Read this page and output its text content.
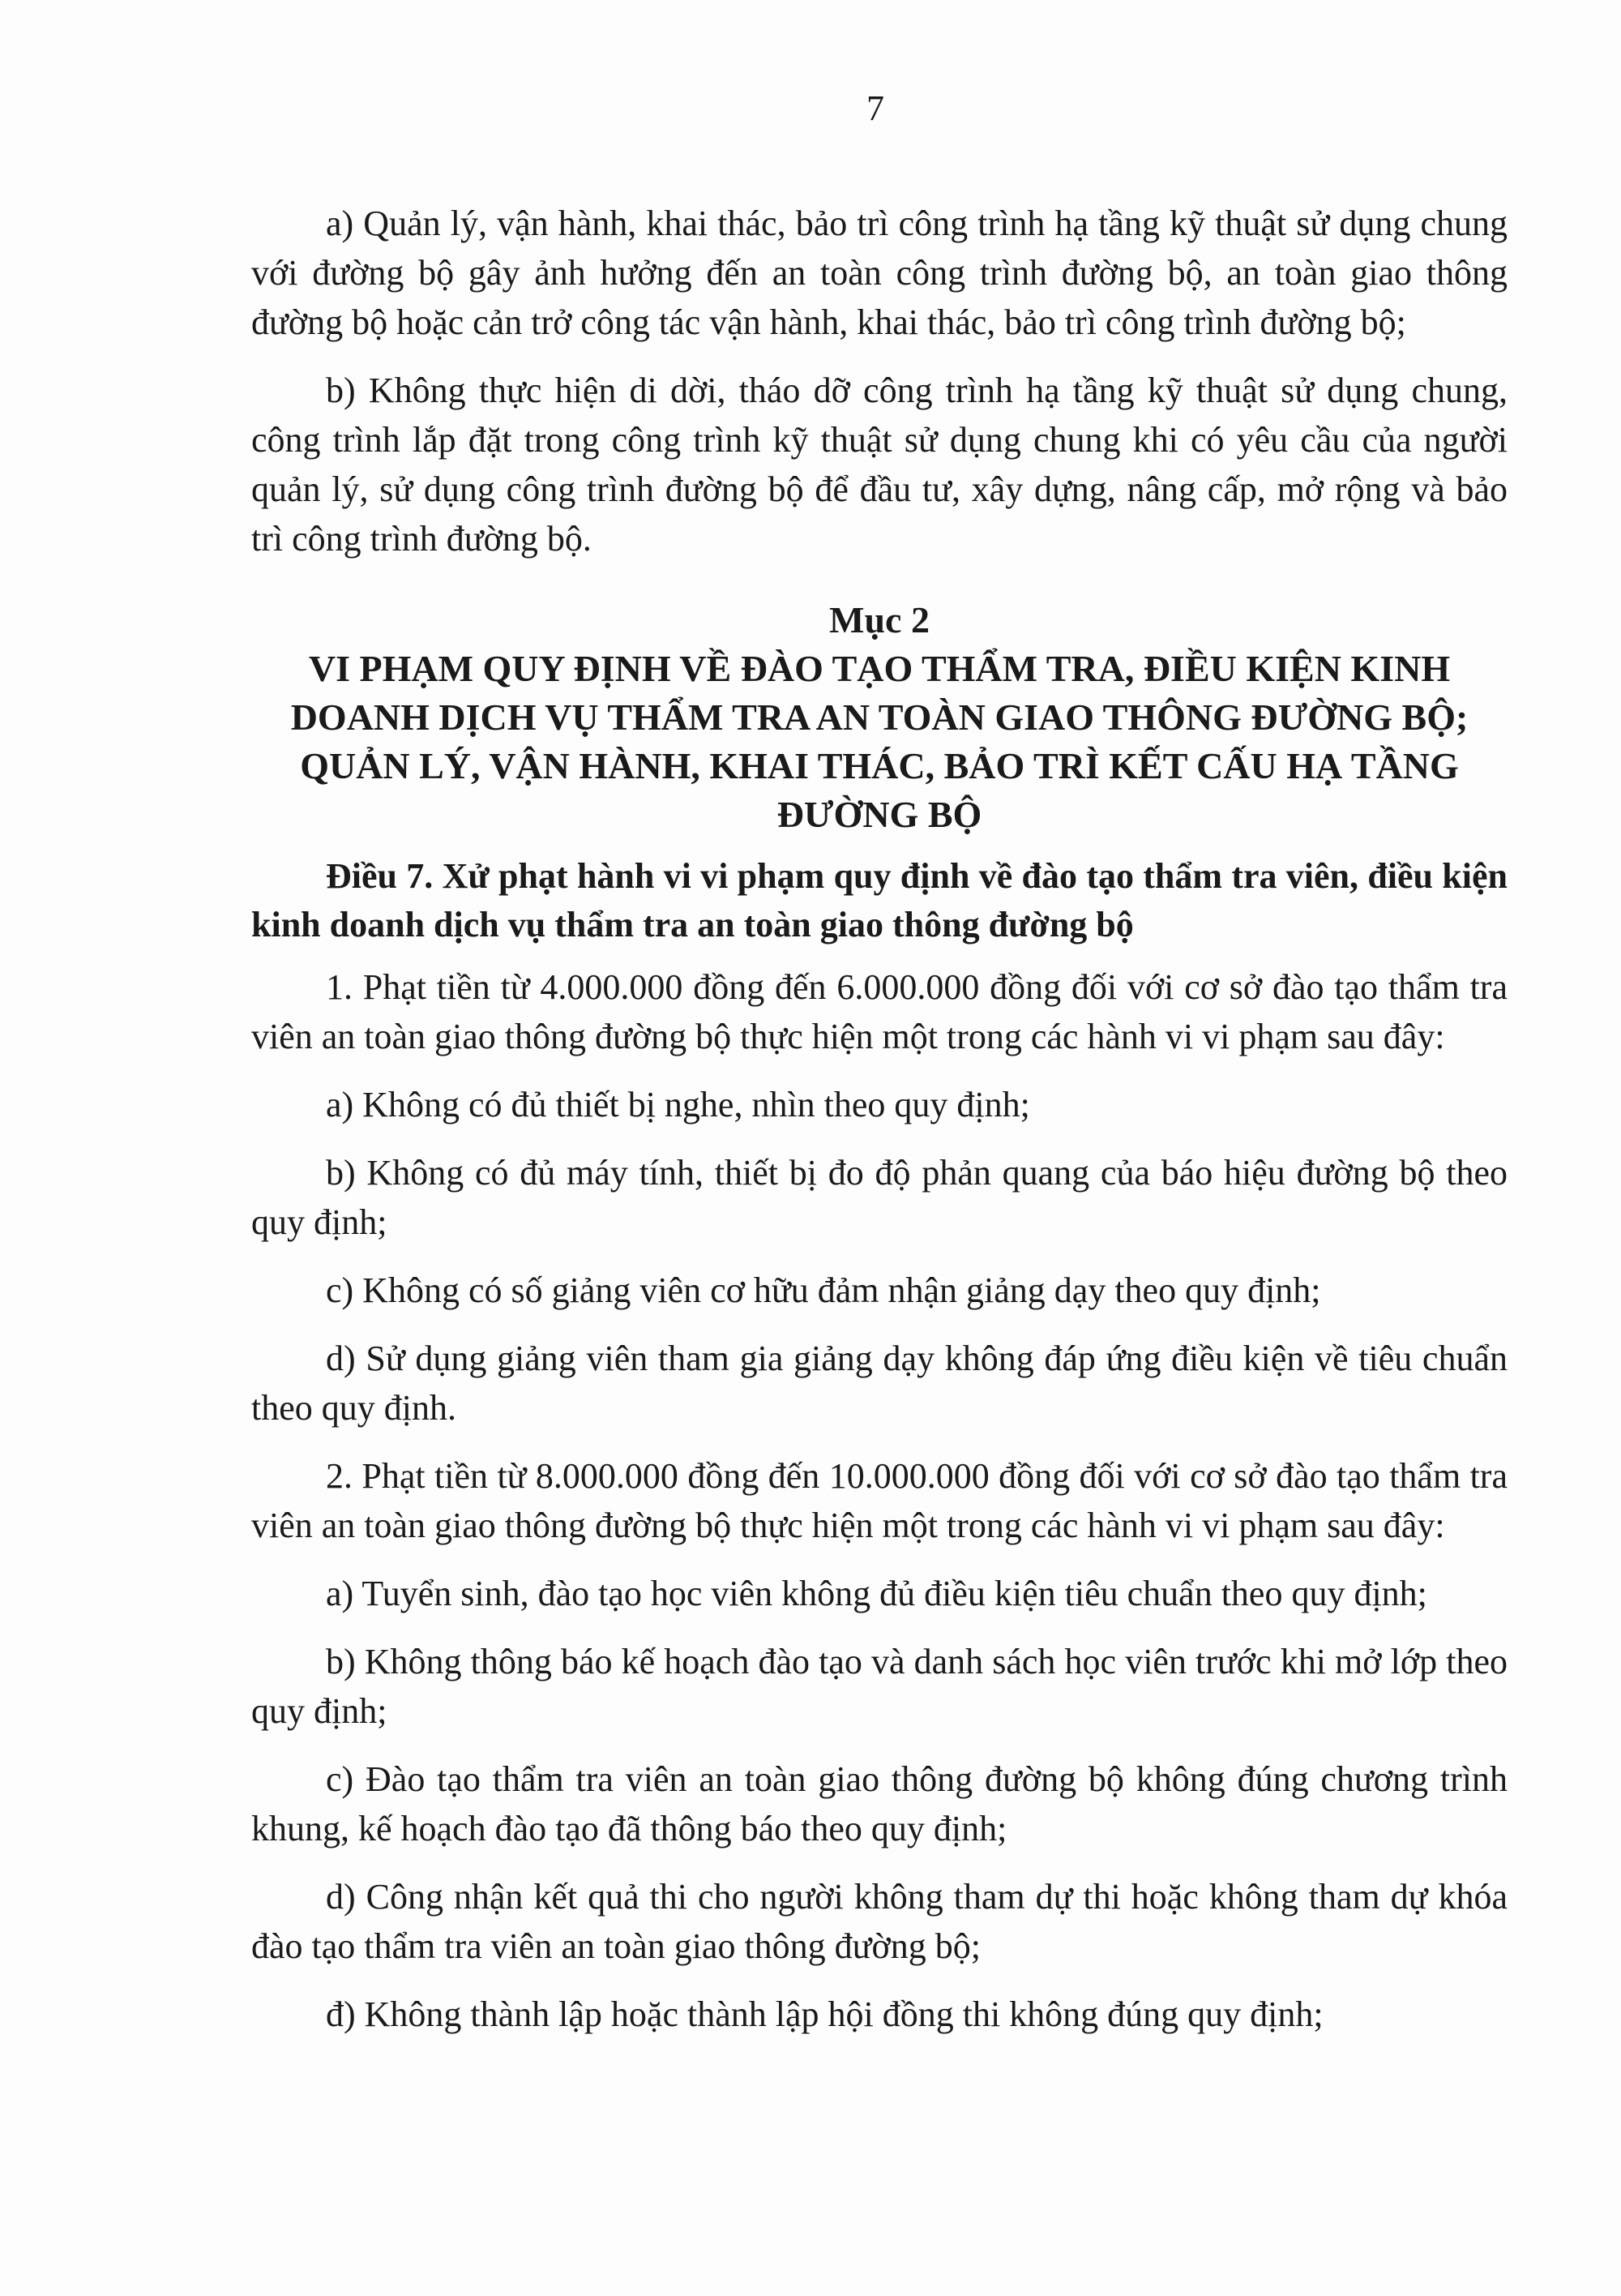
7

a) Quản lý, vận hành, khai thác, bảo trì công trình hạ tầng kỹ thuật sử dụng chung với đường bộ gây ảnh hưởng đến an toàn công trình đường bộ, an toàn giao thông đường bộ hoặc cản trở công tác vận hành, khai thác, bảo trì công trình đường bộ;

b) Không thực hiện di dời, tháo dỡ công trình hạ tầng kỹ thuật sử dụng chung, công trình lắp đặt trong công trình kỹ thuật sử dụng chung khi có yêu cầu của người quản lý, sử dụng công trình đường bộ để đầu tư, xây dựng, nâng cấp, mở rộng và bảo trì công trình đường bộ.

Mục 2

VI PHẠM QUY ĐỊNH VỀ ĐÀO TẠO THẨM TRA, ĐIỀU KIỆN KINH

DOANH DỊCH VỤ THẨM TRA AN TOÀN GIAO THÔNG ĐƯỜNG BỘ;

QUẢN LÝ, VẬN HÀNH, KHAI THÁC, BẢO TRÌ KẾT CẤU HẠ TẦNG

ĐƯỜNG BỘ

Điều 7. Xử phạt hành vi vi phạm quy định về đào tạo thẩm tra viên, điều kiện kinh doanh dịch vụ thẩm tra an toàn giao thông đường bộ

1. Phạt tiền từ 4.000.000 đồng đến 6.000.000 đồng đối với cơ sở đào tạo thẩm tra viên an toàn giao thông đường bộ thực hiện một trong các hành vi vi phạm sau đây:

a) Không có đủ thiết bị nghe, nhìn theo quy định;

b) Không có đủ máy tính, thiết bị đo độ phản quang của báo hiệu đường bộ theo quy định;

c) Không có số giảng viên cơ hữu đảm nhận giảng dạy theo quy định;

d) Sử dụng giảng viên tham gia giảng dạy không đáp ứng điều kiện về tiêu chuẩn theo quy định.

2. Phạt tiền từ 8.000.000 đồng đến 10.000.000 đồng đối với cơ sở đào tạo thẩm tra viên an toàn giao thông đường bộ thực hiện một trong các hành vi vi phạm sau đây:

a) Tuyển sinh, đào tạo học viên không đủ điều kiện tiêu chuẩn theo quy định;

b) Không thông báo kế hoạch đào tạo và danh sách học viên trước khi mở lớp theo quy định;

c) Đào tạo thẩm tra viên an toàn giao thông đường bộ không đúng chương trình khung, kế hoạch đào tạo đã thông báo theo quy định;

d) Công nhận kết quả thi cho người không tham dự thi hoặc không tham dự khóa đào tạo thẩm tra viên an toàn giao thông đường bộ;

đ) Không thành lập hoặc thành lập hội đồng thi không đúng quy định;
